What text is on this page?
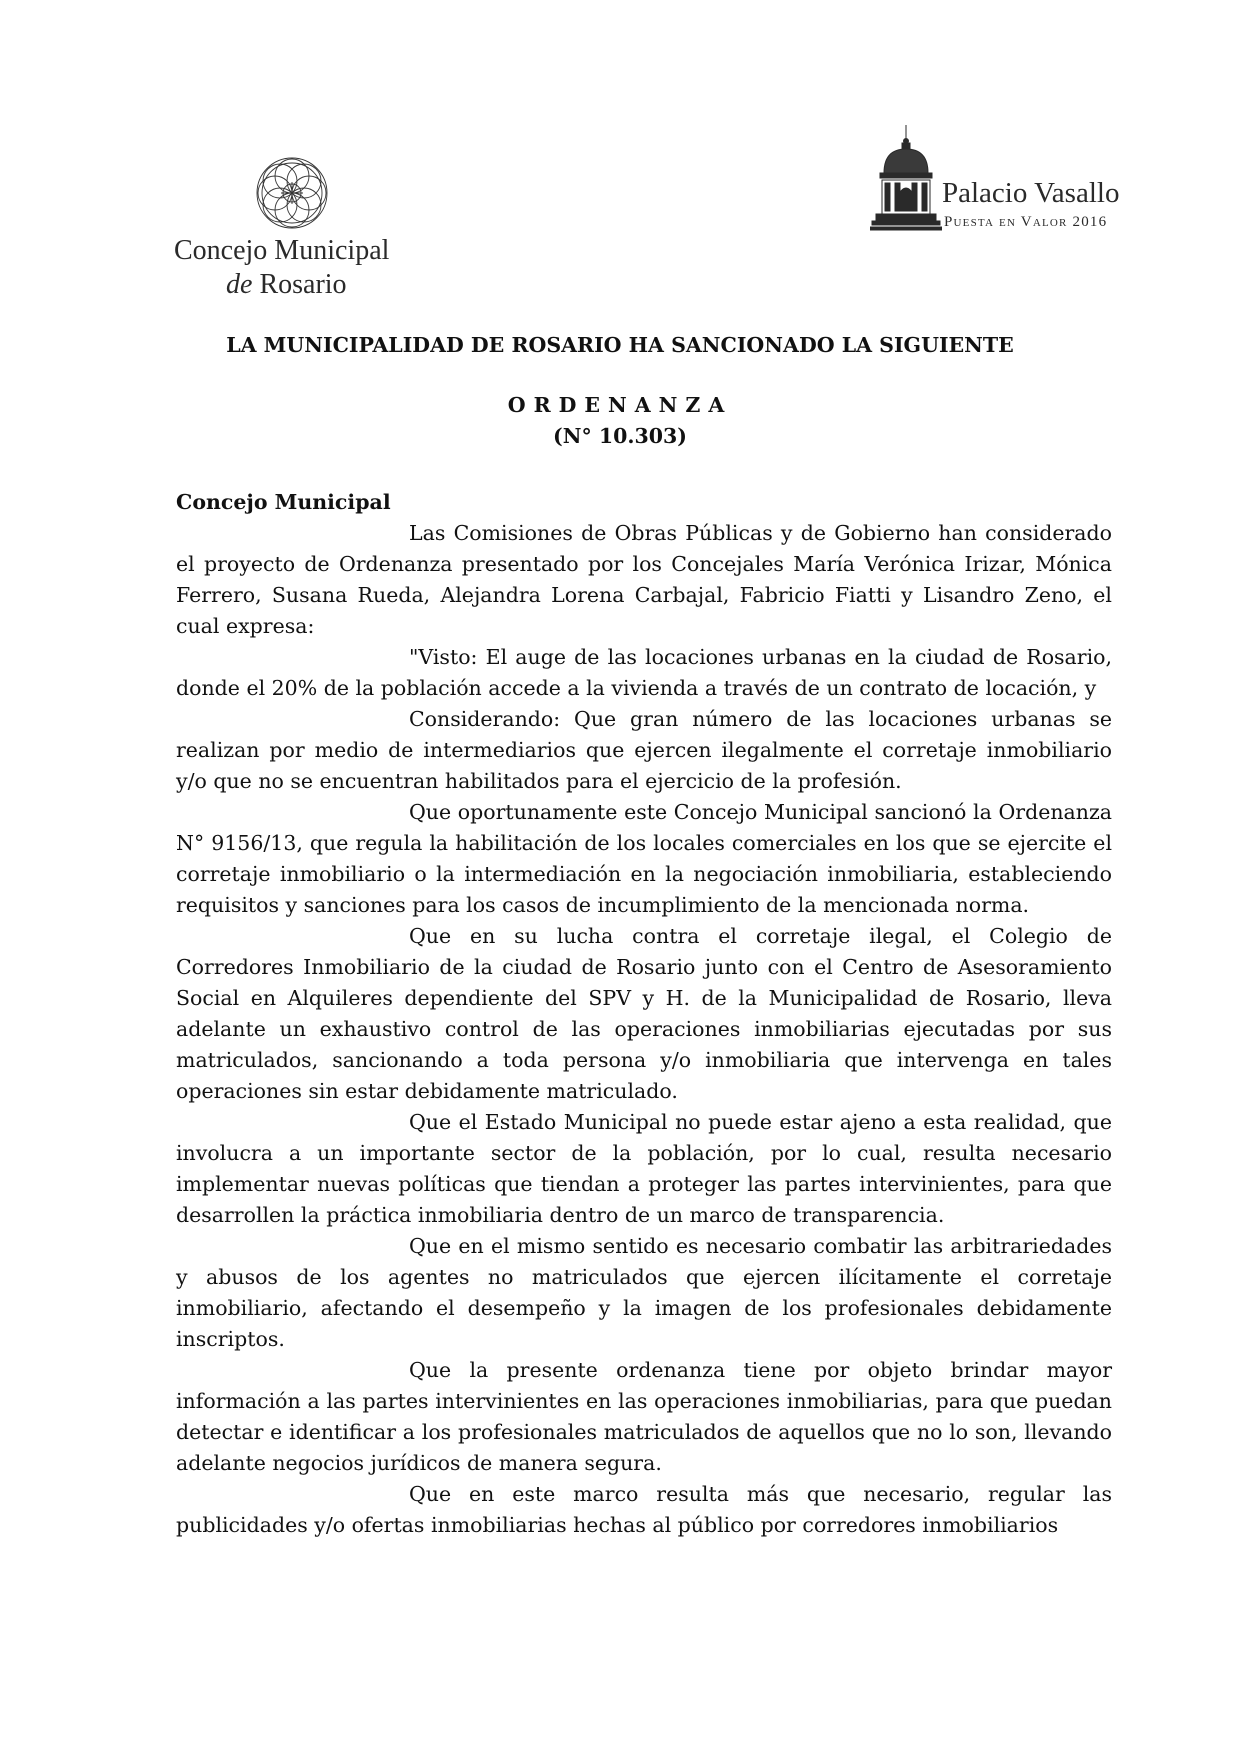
Concejo Municipal
de Rosario
Palacio Vasallo
Puesta en Valor 2016
LA MUNICIPALIDAD DE ROSARIO HA SANCIONADO LA SIGUIENTE
ORDENANZA
(N° 10.303)
Concejo Municipal

Las Comisiones de Obras Públicas y de Gobierno han considerado el proyecto de Ordenanza presentado por los Concejales María Verónica Irizar, Mónica Ferrero, Susana Rueda, Alejandra Lorena Carbajal, Fabricio Fiatti y Lisandro Zeno, el cual expresa:

"Visto: El auge de las locaciones urbanas en la ciudad de Rosario, donde el 20% de la población accede a la vivienda a través de un contrato de locación, y

Considerando: Que gran número de las locaciones urbanas se realizan por medio de intermediarios que ejercen ilegalmente el corretaje inmobiliario y/o que no se encuentran habilitados para el ejercicio de la profesión.

Que oportunamente este Concejo Municipal sancionó la Ordenanza N° 9156/13, que regula la habilitación de los locales comerciales en los que se ejercite el corretaje inmobiliario o la intermediación en la negociación inmobiliaria, estableciendo requisitos y sanciones para los casos de incumplimiento de la mencionada norma.

Que en su lucha contra el corretaje ilegal, el Colegio de Corredores Inmobiliario de la ciudad de Rosario junto con el Centro de Asesoramiento Social en Alquileres dependiente del SPV y H. de la Municipalidad de Rosario, lleva adelante un exhaustivo control de las operaciones inmobiliarias ejecutadas por sus matriculados, sancionando a toda persona y/o inmobiliaria que intervenga en tales operaciones sin estar debidamente matriculado.

Que el Estado Municipal no puede estar ajeno a esta realidad, que involucra a un importante sector de la población, por lo cual, resulta necesario implementar nuevas políticas que tiendan a proteger las partes intervinientes, para que desarrollen la práctica inmobiliaria dentro de un marco de transparencia.

Que en el mismo sentido es necesario combatir las arbitrariedades y abusos de los agentes no matriculados que ejercen ilícitamente el corretaje inmobiliario, afectando el desempeño y la imagen de los profesionales debidamente inscriptos.

Que la presente ordenanza tiene por objeto brindar mayor información a las partes intervinientes en las operaciones inmobiliarias, para que puedan detectar e identificar a los profesionales matriculados de aquellos que no lo son, llevando adelante negocios jurídicos de manera segura.

Que en este marco resulta más que necesario, regular las publicidades y/o ofertas inmobiliarias hechas al público por corredores inmobiliarios
